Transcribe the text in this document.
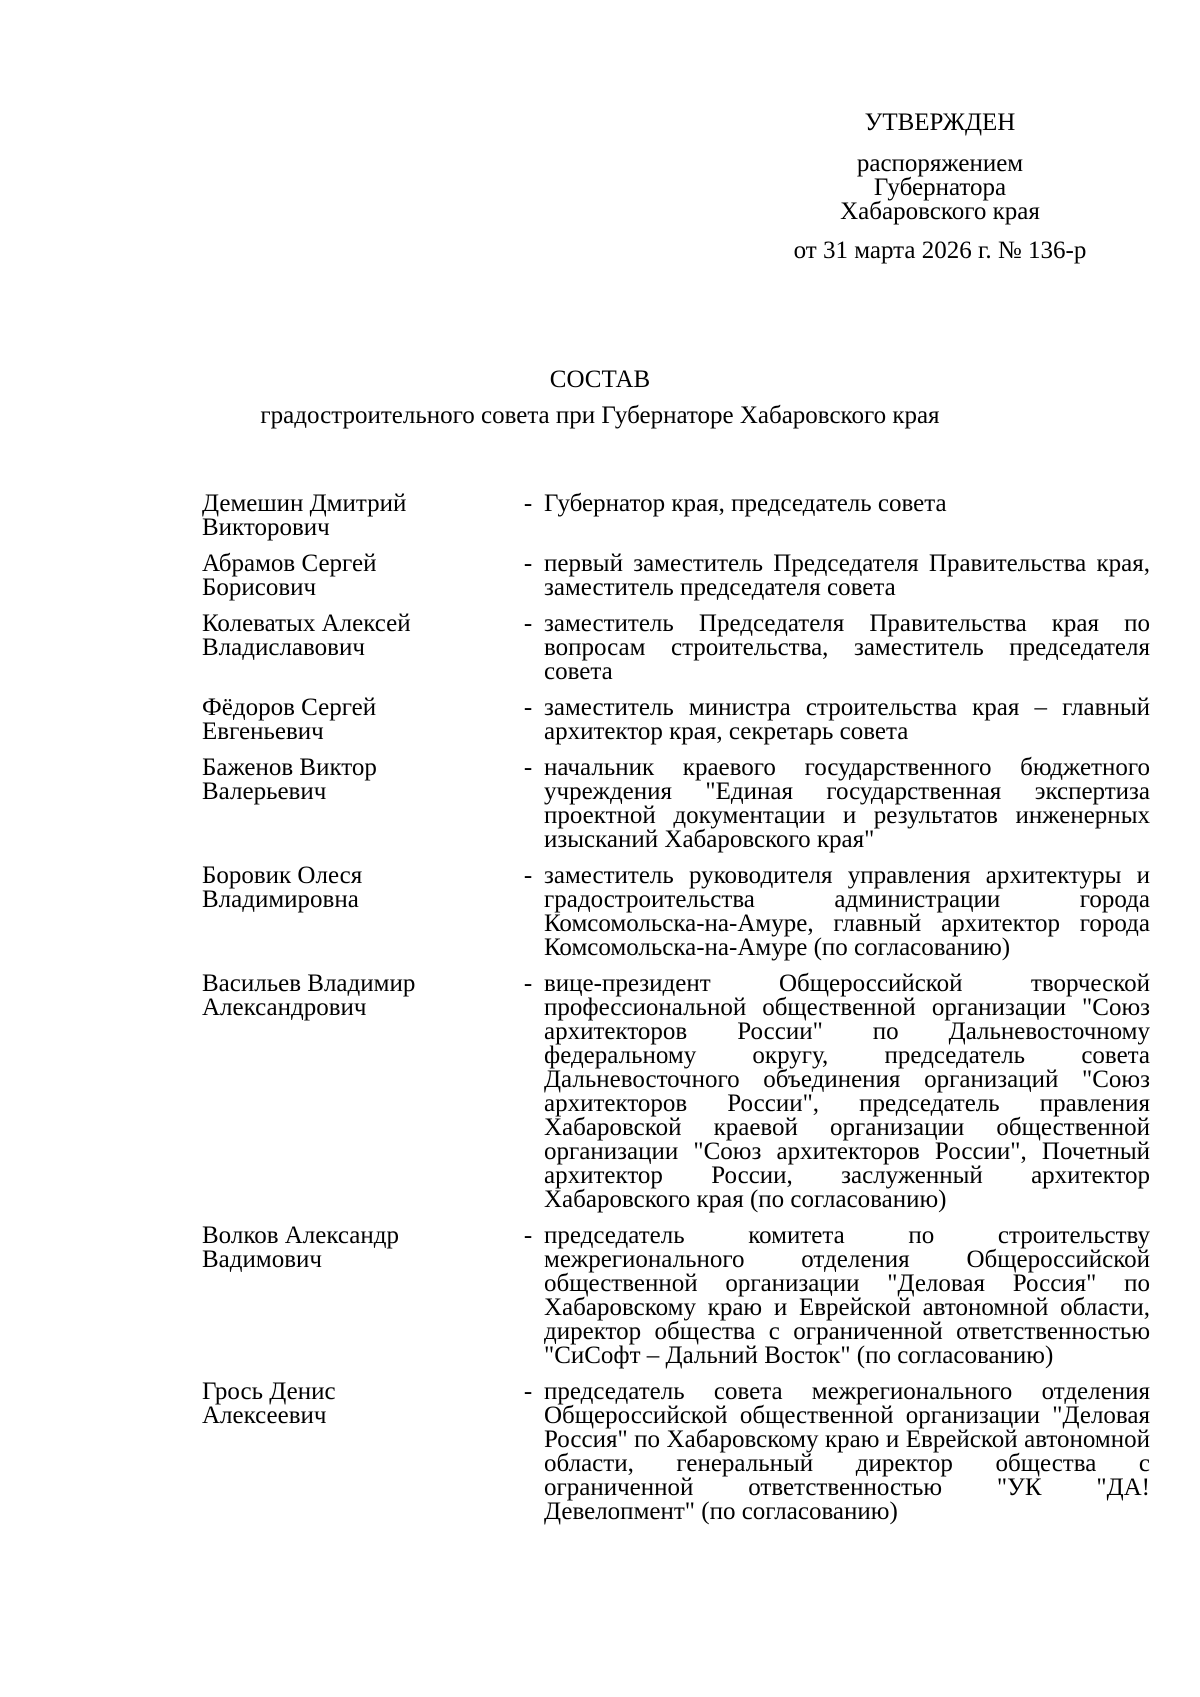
УТВЕРЖДЕН
распоряжением
Губернатора
Хабаровского края
от 31 марта 2026 г. № 136-р
СОСТАВ
градостроительного совета при Губернаторе Хабаровского края
Демешин Дмитрий
Викторович
- Губернатор края, председатель совета
Абрамов Сергей
Борисович
- первый заместитель Председателя Правительства края, заместитель председателя совета
Колеватых Алексей
Владиславович
- заместитель Председателя Правительства края по вопросам строительства, заместитель председателя совета
Фёдоров Сергей
Евгеньевич
- заместитель министра строительства края – главный архитектор края, секретарь совета
Баженов Виктор
Валерьевич
- начальник краевого государственного бюджетного учреждения "Единая государственная экспертиза проектной документации и результатов инженерных изысканий Хабаровского края"
Боровик Олеся
Владимировна
- заместитель руководителя управления архитектуры и градостроительства администрации города Комсомольска-на-Амуре, главный архитектор города Комсомольска-на-Амуре (по согласованию)
Васильев Владимир
Александрович
- вице-президент Общероссийской творческой профессиональной общественной организации "Союз архитекторов России" по Дальневосточному федеральному округу, председатель совета Дальневосточного объединения организаций "Союз архитекторов России", председатель правления Хабаровской краевой организации общественной организации "Союз архитекторов России", Почетный архитектор России, заслуженный архитектор Хабаровского края (по согласованию)
Волков Александр
Вадимович
- председатель комитета по строительству межрегионального отделения Общероссийской общественной организации "Деловая Россия" по Хабаровскому краю и Еврейской автономной области, директор общества с ограниченной ответственностью "СиСофт – Дальний Восток" (по согласованию)
Грось Денис
Алексеевич
- председатель совета межрегионального отделения Общероссийской общественной организации "Деловая Россия" по Хабаровскому краю и Еврейской автономной области, генеральный директор общества с ограниченной ответственностью "УК "ДА! Девелопмент" (по согласованию)
